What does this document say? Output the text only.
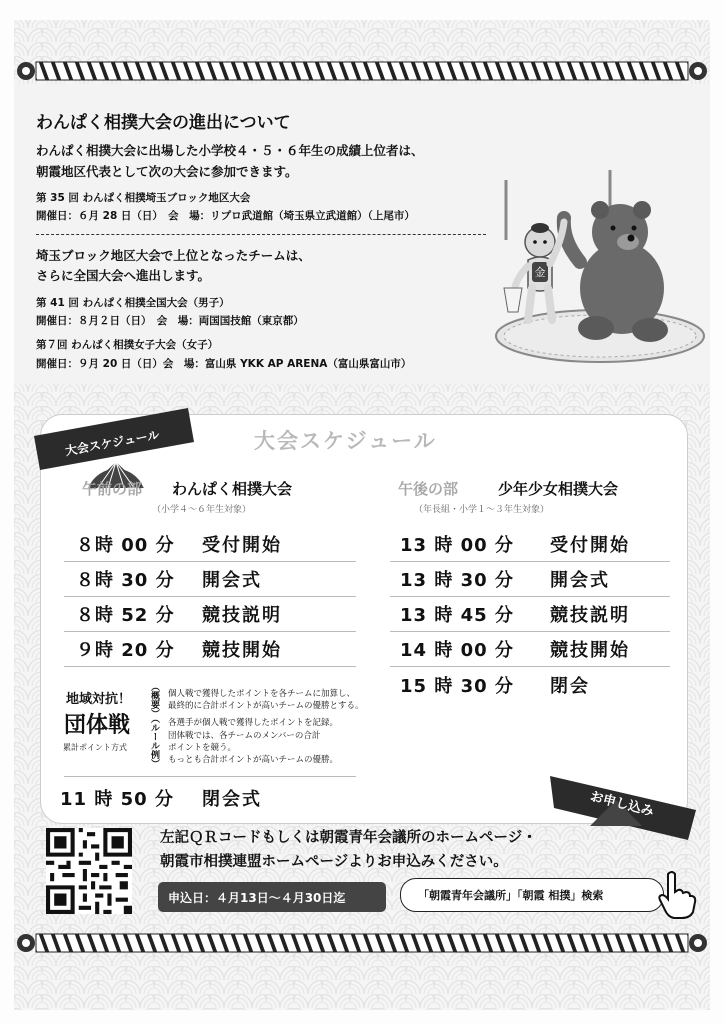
わんぱく相撲大会の進出について
わんぱく相撲大会に出場した小学校４・５・６年生の成績上位者は、
朝霞地区代表として次の大会に参加できます。
第 35 回 わんぱく相撲埼玉ブロック地区大会
開催日：６月 28 日（日）　会　場：リプロ武道館（埼玉県立武道館）（上尾市）
埼玉ブロック地区大会で上位となったチームは、
さらに全国大会へ進出します。
第 41 回 わんぱく相撲全国大会（男子）
開催日：８月２日（日）　会　場：両国国技館（東京都）
第７回 わんぱく相撲女子大会（女子）
開催日：９月 20 日（日）会　場：富山県 YKK AP ARENA（富山県富山市）
金
大会スケジュール	大会スケジュール
午前の部 わんぱく相撲大会
（小学４～６年生対象）
午後の部	少年少女相撲大会
（年長組・小学１～３年生対象）
８時 00 分 受付開始
８時 30 分 開会式
８時 52 分 競技説明
９時 20 分 競技開始
13 時 00 分 受付開始
13 時 30 分 開会式
13 時 45 分 競技説明
14 時 00 分 競技開始
15 時 30 分 閉会
地域対抗！
団体戦
累計ポイント方式
（概要） 個人戦で獲得したポイントを各チームに加算し、
最終的に合計ポイントが高いチームの優勝とする。
（ルール例） 各選手が個人戦で獲得したポイントを記録。
団体戦では、各チームのメンバーの合計
ポイントを競う。
もっとも合計ポイントが高いチームの優勝。
11 時 50 分 閉会式	お申し込み
左記ＱＲコードもしくは朝霞青年会議所のホームページ・
朝霞市相撲連盟ホームページよりお申込みください。
申込日：４月13日～４月30日迄	「朝霞青年会議所」「朝霞 相撲」検索
